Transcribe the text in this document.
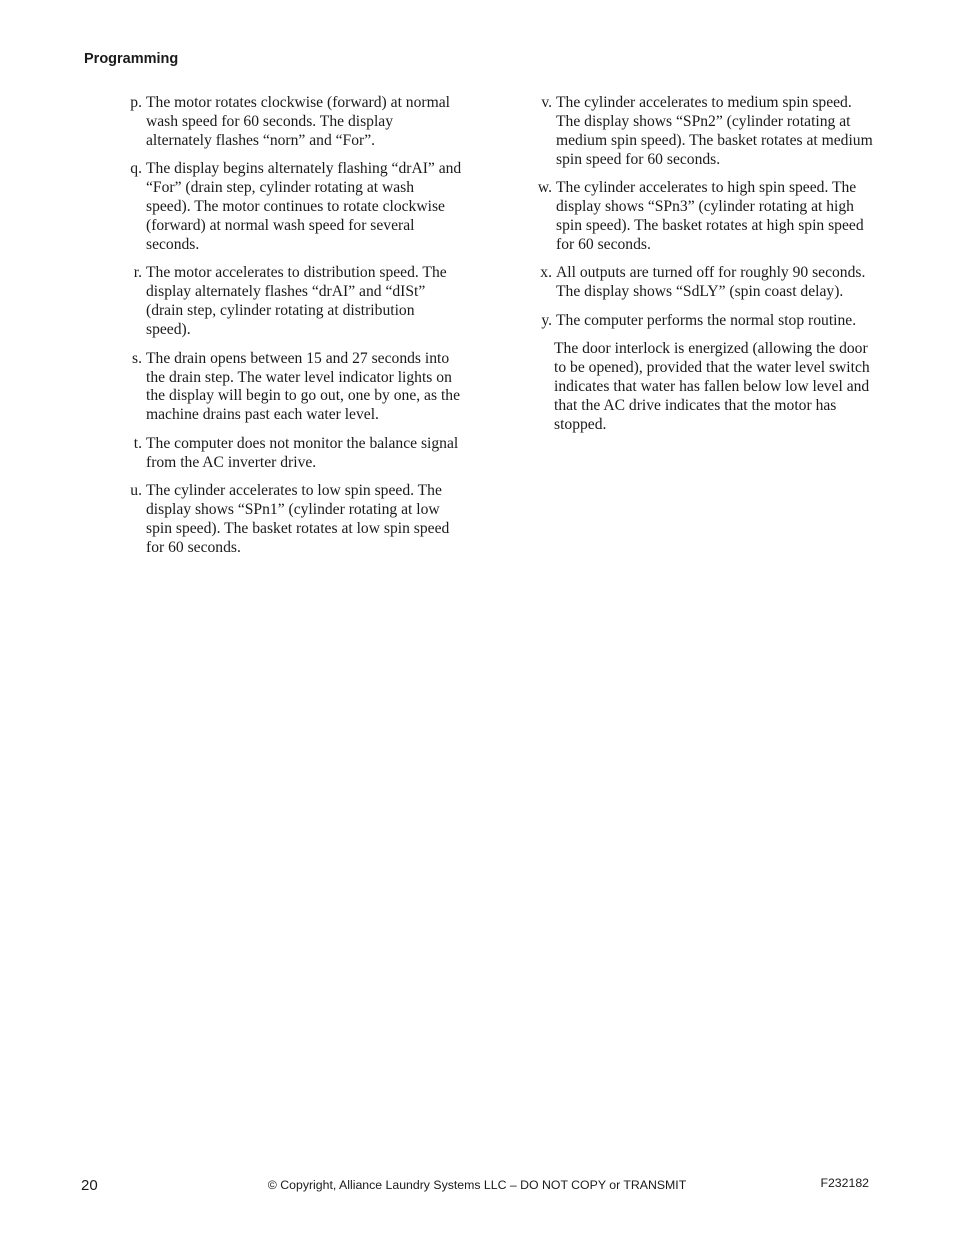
Programming
p. The motor rotates clockwise (forward) at normal wash speed for 60 seconds. The display alternately flashes “norn” and “For”.
q. The display begins alternately flashing “drAI” and “For” (drain step, cylinder rotating at wash speed). The motor continues to rotate clockwise (forward) at normal wash speed for several seconds.
r. The motor accelerates to distribution speed. The display alternately flashes “drAI” and “dISt” (drain step, cylinder rotating at distribution speed).
s. The drain opens between 15 and 27 seconds into the drain step. The water level indicator lights on the display will begin to go out, one by one, as the machine drains past each water level.
t. The computer does not monitor the balance signal from the AC inverter drive.
u. The cylinder accelerates to low spin speed. The display shows “SPn1” (cylinder rotating at low spin speed). The basket rotates at low spin speed for 60 seconds.
v. The cylinder accelerates to medium spin speed. The display shows “SPn2” (cylinder rotating at medium spin speed). The basket rotates at medium spin speed for 60 seconds.
w. The cylinder accelerates to high spin speed. The display shows “SPn3” (cylinder rotating at high spin speed). The basket rotates at high spin speed for 60 seconds.
x. All outputs are turned off for roughly 90 seconds. The display shows “SdLY” (spin coast delay).
y. The computer performs the normal stop routine.
The door interlock is energized (allowing the door to be opened), provided that the water level switch indicates that water has fallen below low level and that the AC drive indicates that the motor has stopped.
20	© Copyright, Alliance Laundry Systems LLC – DO NOT COPY or TRANSMIT	F232182
